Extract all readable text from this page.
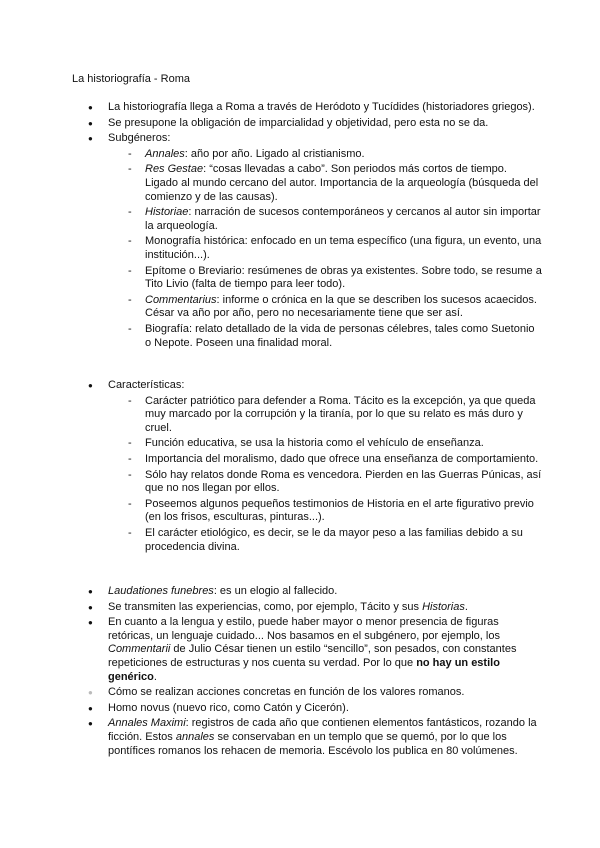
La historiografía - Roma
● La historiografía llega a Roma a través de Heródoto y Tucídides (historiadores griegos).
● Se presupone la obligación de imparcialidad y objetividad, pero esta no se da.
● Subgéneros:
- Annales: año por año. Ligado al cristianismo.
- Res Gestae: “cosas llevadas a cabo”. Son periodos más cortos de tiempo. Ligado al mundo cercano del autor. Importancia de la arqueología (búsqueda del comienzo y de las causas).
- Historiae: narración de sucesos contemporáneos y cercanos al autor sin importar la arqueología.
- Monografía histórica: enfocado en un tema específico (una figura, un evento, una institución...).
- Epítome o Breviario: resúmenes de obras ya existentes. Sobre todo, se resume a Tito Livio (falta de tiempo para leer todo).
- Commentarius: informe o crónica en la que se describen los sucesos acaecidos. César va año por año, pero no necesariamente tiene que ser así.
- Biografía: relato detallado de la vida de personas célebres, tales como Suetonio o Nepote. Poseen una finalidad moral.
● Características:
- Carácter patriótico para defender a Roma. Tácito es la excepción, ya que queda muy marcado por la corrupción y la tiranía, por lo que su relato es más duro y cruel.
- Función educativa, se usa la historia como el vehículo de enseñanza.
- Importancia del moralismo, dado que ofrece una enseñanza de comportamiento.
- Sólo hay relatos donde Roma es vencedora. Pierden en las Guerras Púnicas, así que no nos llegan por ellos.
- Poseemos algunos pequeños testimonios de Historia en el arte figurativo previo (en los frisos, esculturas, pinturas...).
- El carácter etiológico, es decir, se le da mayor peso a las familias debido a su procedencia divina.
● Laudationes funebres: es un elogio al fallecido.
● Se transmiten las experiencias, como, por ejemplo, Tácito y sus Historias.
● En cuanto a la lengua y estilo, puede haber mayor o menor presencia de figuras retóricas, un lenguaje cuidado... Nos basamos en el subgénero, por ejemplo, los Commentarii de Julio César tienen un estilo “sencillo”, son pesados, con constantes repeticiones de estructuras y nos cuenta su verdad. Por lo que no hay un estilo genérico.
● Cómo se realizan acciones concretas en función de los valores romanos.
● Homo novus (nuevo rico, como Catón y Cicerón).
● Annales Maximi: registros de cada año que contienen elementos fantásticos, rozando la ficción. Estos annales se conservaban en un templo que se quemó, por lo que los pontífices romanos los rehacen de memoria. Escévolo los publica en 80 volúmenes.
